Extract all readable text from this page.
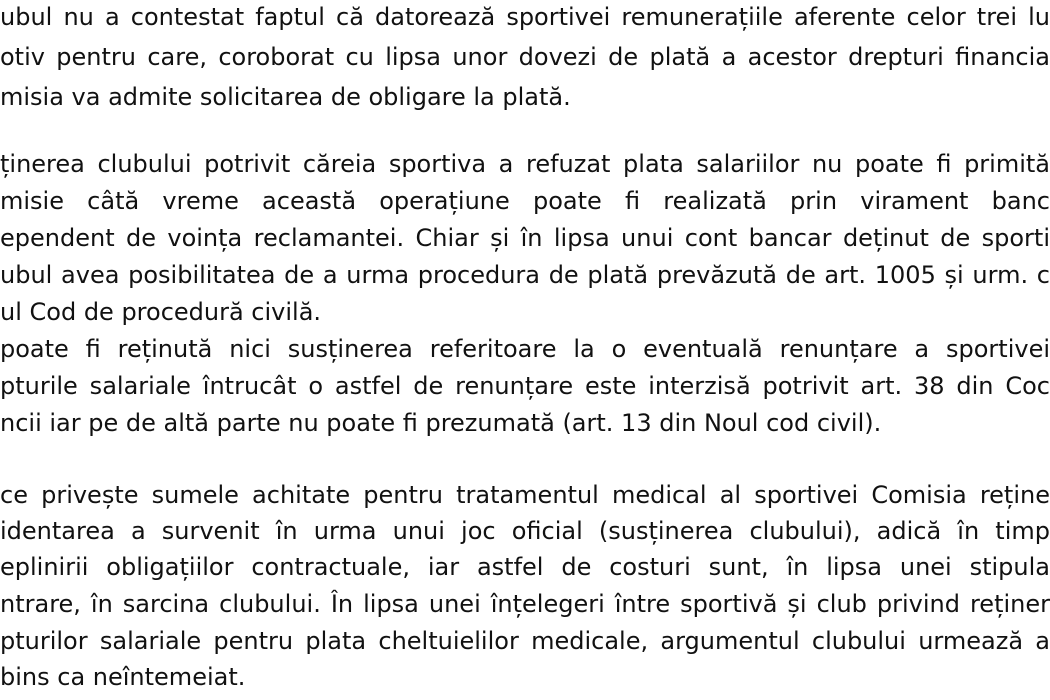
ubul nu a contestat faptul că datorează sportivei remunerațiile aferente celor trei lu
otiv pentru care, coroborat cu lipsa unor dovezi de plată a acestor drepturi financia
misia va admite solicitarea de obligare la plată.
ținerea clubului potrivit căreia sportiva a refuzat plata salariilor nu poate fi primită
misie câtă vreme această operațiune poate fi realizată prin virament banc
ependent de voința reclamantei. Chiar și în lipsa unui cont bancar deținut de sporti
ubul avea posibilitatea de a urma procedura de plată prevăzută de art. 1005 și urm. c
ul Cod de procedură civilă.
poate fi reținută nici susținerea referitoare la o eventuală renunțare a sportivei
pturile salariale întrucât o astfel de renunțare este interzisă potrivit art. 38 din Coc
ncii iar pe de altă parte nu poate fi prezumată (art. 13 din Noul cod civil).
ce privește sumele achitate pentru tratamentul medical al sportivei Comisia reține
identarea a survenit în urma unui joc oficial (susținerea clubului), adică în timp
eplinirii obligațiilor contractuale, iar astfel de costuri sunt, în lipsa unei stipula
ntrare, în sarcina clubului. În lipsa unei înțelegeri între sportivă și club privind reținer
pturilor salariale pentru plata cheltuielilor medicale, argumentul clubului urmează a
bins ca neîntemeiat.
